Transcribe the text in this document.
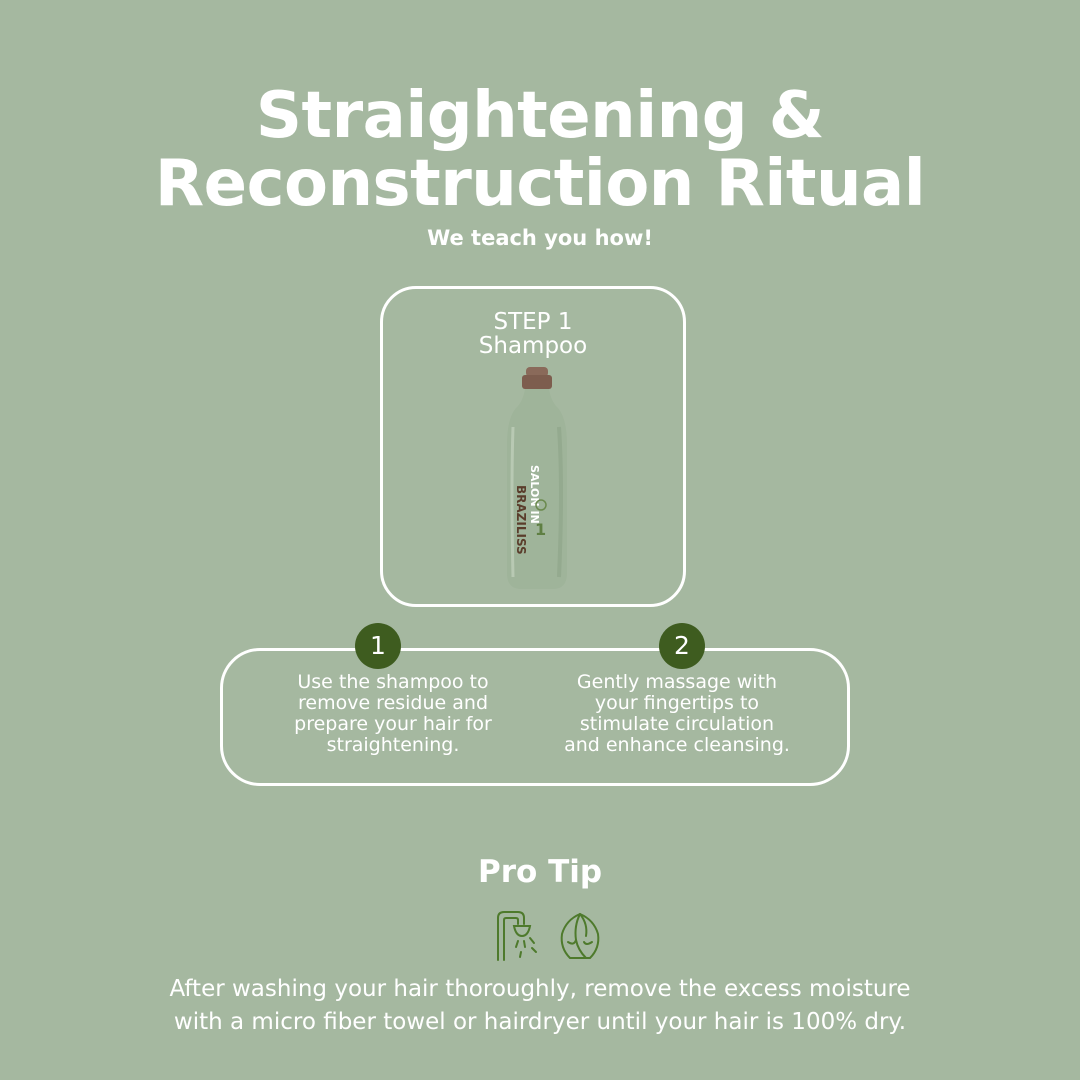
Straightening &
Reconstruction Ritual
We teach you how!
STEP 1
Shampoo
SALON IN
BRAZILISS 1
1	2
Use the shampoo to
remove residue and
prepare your hair for
straightening.
Gently massage with
your fingertips to
stimulate circulation
and enhance cleansing.
Pro Tip
After washing your hair thoroughly, remove the excess moisture
with a micro fiber towel or hairdryer until your hair is 100% dry.
